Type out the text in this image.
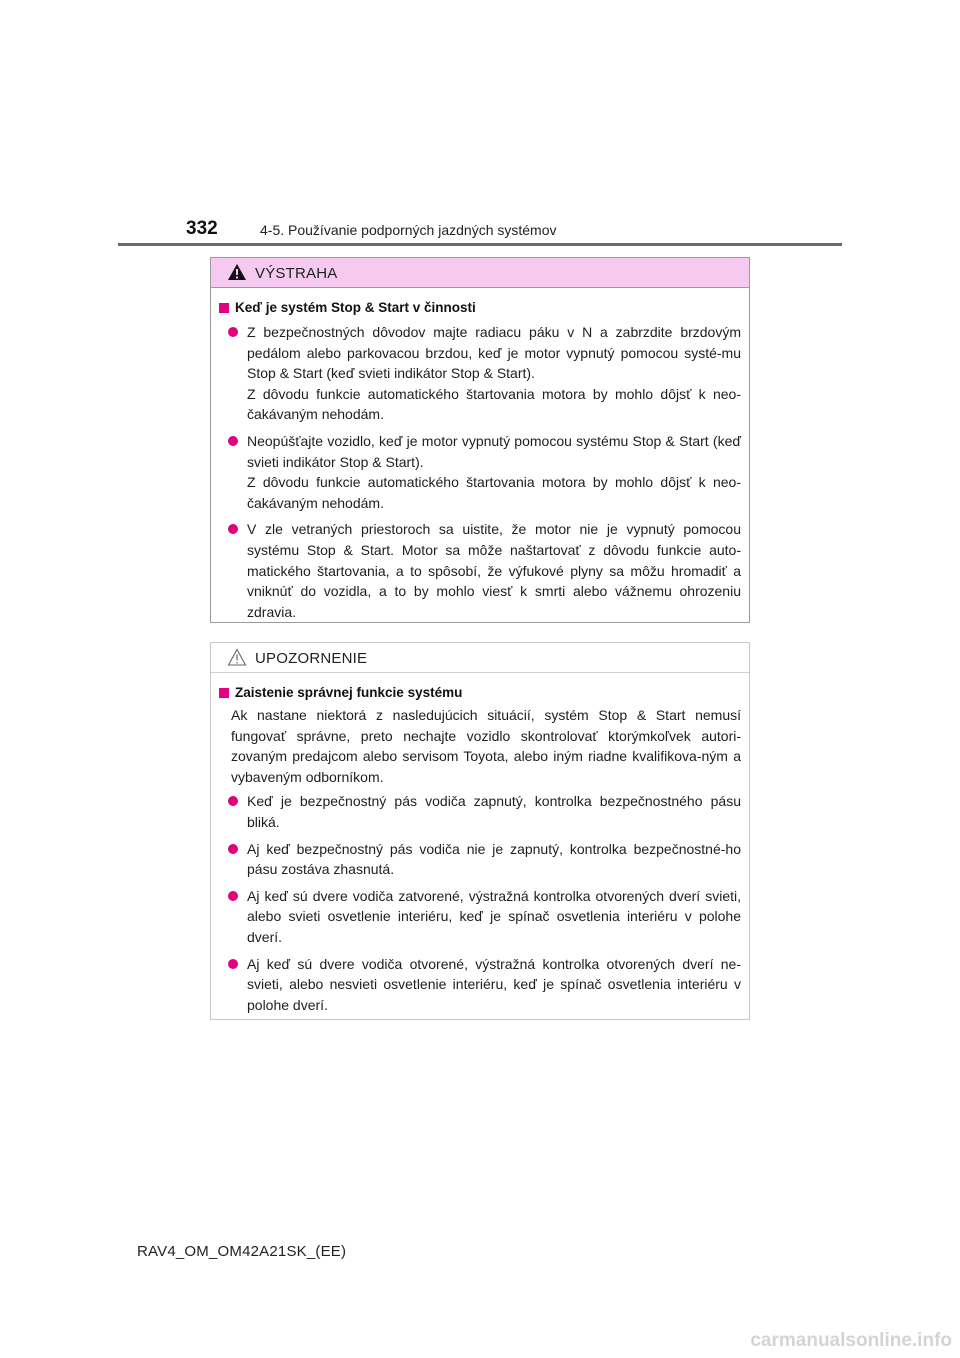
332	4-5. Používanie podporných jazdných systémov
VÝSTRAHA
Keď je systém Stop & Start v činnosti
Z bezpečnostných dôvodov majte radiacu páku v N a zabrzdite brzdovým pedálom alebo parkovacou brzdou, keď je motor vypnutý pomocou systé-mu Stop & Start (keď svieti indikátor Stop & Start).
Z dôvodu funkcie automatického štartovania motora by mohlo dôjsť k neo-čakávaným nehodám.
Neopúšťajte vozidlo, keď je motor vypnutý pomocou systému Stop & Start (keď svieti indikátor Stop & Start).
Z dôvodu funkcie automatického štartovania motora by mohlo dôjsť k neo-čakávaným nehodám.
V zle vetraných priestoroch sa uistite, že motor nie je vypnutý pomocou systému Stop & Start. Motor sa môže naštartovať z dôvodu funkcie auto-matického štartovania, a to spôsobí, že výfukové plyny sa môžu hromadiť a vniknúť do vozidla, a to by mohlo viesť k smrti alebo vážnemu ohrozeniu zdravia.
UPOZORNENIE
Zaistenie správnej funkcie systému
Ak nastane niektorá z nasledujúcich situácií, systém Stop & Start nemusí fungovať správne, preto nechajte vozidlo skontrolovať ktorýmkoľvek autori-zovaným predajcom alebo servisom Toyota, alebo iným riadne kvalifikova-ným a vybaveným odborníkom.
Keď je bezpečnostný pás vodiča zapnutý, kontrolka bezpečnostného pásu bliká.
Aj keď bezpečnostný pás vodiča nie je zapnutý, kontrolka bezpečnostné-ho pásu zostáva zhasnutá.
Aj keď sú dvere vodiča zatvorené, výstražná kontrolka otvorených dverí svieti, alebo svieti osvetlenie interiéru, keď je spínač osvetlenia interiéru v polohe dverí.
Aj keď sú dvere vodiča otvorené, výstražná kontrolka otvorených dverí ne-svieti, alebo nesvieti osvetlenie interiéru, keď je spínač osvetlenia interiéru v polohe dverí.
RAV4_OM_OM42A21SK_(EE)
carmanualsonline.info
